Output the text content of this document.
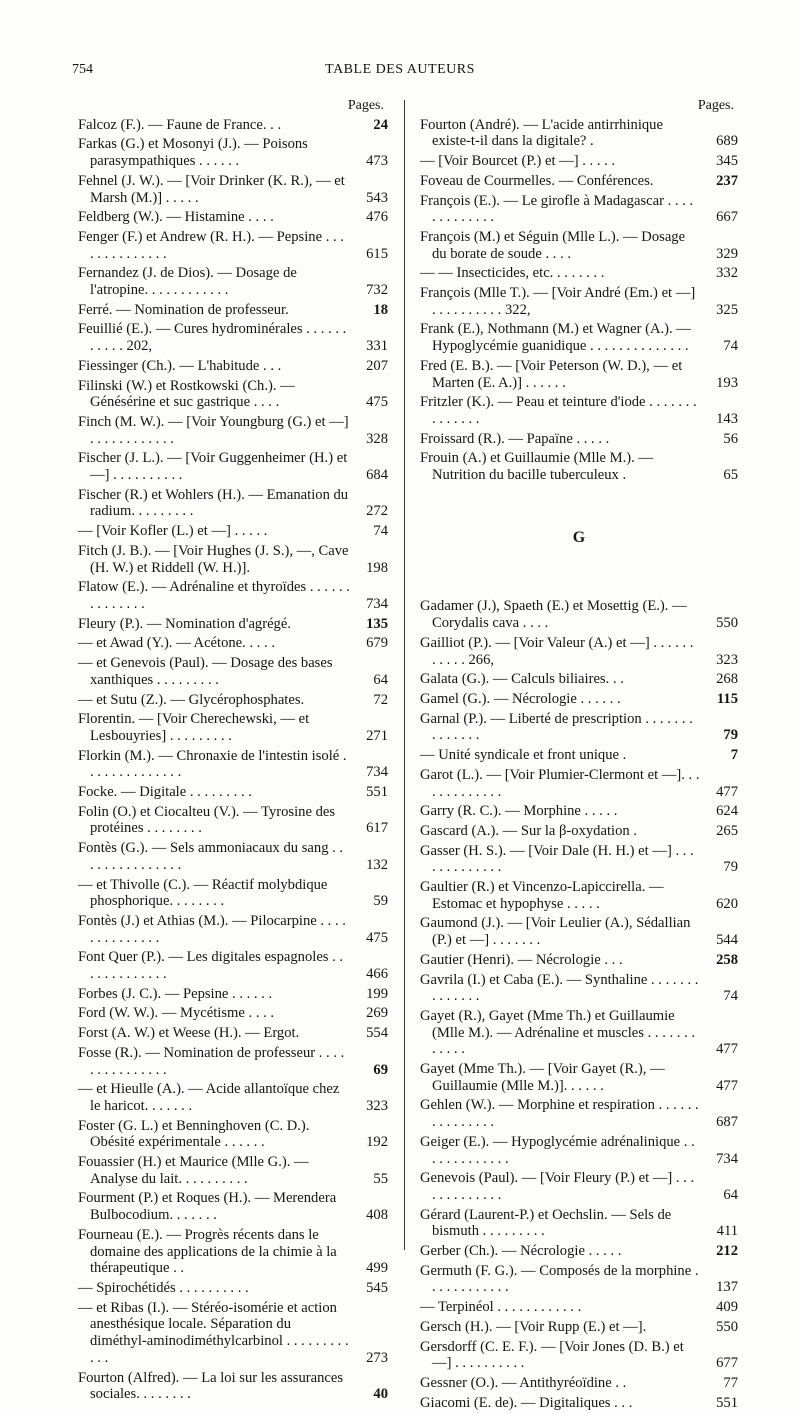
754	TABLE DES AUTEURS
Pages.
Falcoz (F.). — Faune de France. . .	24
Farkas (G.) et Mosonyi (J.). — Poisons parasympathiques . . . . . .	473
Fehnel (J. W.). — [Voir Drinker (K. R.), — et Marsh (M.)] . . . . .	543
Feldberg (W.). — Histamine . . . .	476
Fenger (F.) et Andrew (R. H.). — Pepsine . . . . . . . . . . . . . .	615
Fernandez (J. de Dios). — Dosage de l'atropine. . . . . . . . . . . .	732
Ferré. — Nomination de professeur.	18
Feuillié (E.). — Cures hydrominérales . . . . . . . . . . . 202,	331
Fiessinger (Ch.). — L'habitude . . .	207
Filinski (W.) et Rostkowski (Ch.). — Génésérine et suc gastrique . . . .	475
Finch (M. W.). — [Voir Youngburg (G.) et —] . . . . . . . . . . . .	328
Fischer (J. L.). — [Voir Guggenheimer (H.) et —] . . . . . . . . . .	684
Fischer (R.) et Wohlers (H.). — Emanation du radium. . . . . . . . .	272
— [Voir Kofler (L.) et —] . . . . .	74
Fitch (J. B.). — [Voir Hughes (J. S.), —, Cave (H. W.) et Riddell (W. H.)].	198
Flatow (E.). — Adrénaline et thyroïdes . . . . . . . . . . . . . .	734
Fleury (P.). — Nomination d'agrégé.	135
— et Awad (Y.). — Acétone. . . . .	679
— et Genevois (Paul). — Dosage des bases xanthiques . . . . . . . . .	64
— et Sutu (Z.). — Glycérophosphates.	72
Florentin. — [Voir Cherechewski, — et Lesbouyries] . . . . . . . . .	271
Florkin (M.). — Chronaxie de l'intestin isolé . . . . . . . . . . . . . .	734
Focke. — Digitale . . . . . . . . .	551
Folin (O.) et Ciocalteu (V.). — Tyrosine des protéines . . . . . . . .	617
Fontès (G.). — Sels ammoniacaux du sang . . . . . . . . . . . . . . .	132
— et Thivolle (C.). — Réactif molybdique phosphorique. . . . . . . .	59
Fontès (J.) et Athias (M.). — Pilocarpine . . . . . . . . . . . . . .	475
Font Quer (P.). — Les digitales espagnoles . . . . . . . . . . . . .	466
Forbes (J. C.). — Pepsine . . . . . .	199
Ford (W. W.). — Mycétisme . . . .	269
Forst (A. W.) et Weese (H.). — Ergot.	554
Fosse (R.). — Nomination de professeur . . . . . . . . . . . . . . .	69
— et Hieulle (A.). — Acide allantoïque chez le haricot. . . . . . .	323
Foster (G. L.) et Benninghoven (C. D.). Obésité expérimentale . . . . . .	192
Fouassier (H.) et Maurice (Mlle G.). — Analyse du lait. . . . . . . . . .	55
Fourment (P.) et Roques (H.). — Merendera Bulbocodium. . . . . . .	408
Fourneau (E.). — Progrès récents dans le domaine des applications de la chimie à la thérapeutique . .	499
— Spirochétidés . . . . . . . . . .	545
— et Ribas (I.). — Stéréo-isomérie et action anesthésique locale. Séparation du diméthyl-aminodiméthylcarbinol . . . . . . . . . . . .	273
Fourton (Alfred). — La loi sur les assurances sociales. . . . . . . .	40
Pages.
Fourton (André). — L'acide antirrhinique existe-t-il dans la digitale? .	689
— [Voir Bourcet (P.) et —] . . . . .	345
Foveau de Courmelles. — Conférences.	237
François (E.). — Le girofle à Madagascar . . . . . . . . . . . . .	667
François (M.) et Séguin (Mlle L.). — Dosage du borate de soude . . . .	329
— — Insecticides, etc. . . . . . . .	332
François (Mlle T.). — [Voir André (Em.) et —] . . . . . . . . . . 322,	325
Frank (E.), Nothmann (M.) et Wagner (A.). — Hypoglycémie guanidique . . . . . . . . . . . . . .	74
Fred (E. B.). — [Voir Peterson (W. D.), — et Marten (E. A.)] . . . . . .	193
Fritzler (K.). — Peau et teinture d'iode . . . . . . . . . . . . . .	143
Froissard (R.). — Papaïne . . . . .	56
Frouin (A.) et Guillaumie (Mlle M.). — Nutrition du bacille tuberculeux .	65
G
Gadamer (J.), Spaeth (E.) et Mosettig (E.). — Corydalis cava . . . .	550
Gailliot (P.). — [Voir Valeur (A.) et —] . . . . . . . . . . . 266,	323
Galata (G.). — Calculs biliaires. . .	268
Gamel (G.). — Nécrologie . . . . . .	115
Garnal (P.). — Liberté de prescription . . . . . . . . . . . . . .	79
— Unité syndicale et front unique .	7
Garot (L.). — [Voir Plumier-Clermont et —]. . . . . . . . . . . . .	477
Garry (R. C.). — Morphine . . . . .	624
Gascard (A.). — Sur la β-oxydation .	265
Gasser (H. S.). — [Voir Dale (H. H.) et —] . . . . . . . . . . . . .	79
Gaultier (R.) et Vincenzo-Lapiccirella. — Estomac et hypophyse . . . . .	620
Gaumond (J.). — [Voir Leulier (A.), Sédallian (P.) et —] . . . . . . .	544
Gautier (Henri). — Nécrologie . . .	258
Gavrila (I.) et Caba (E.). — Synthaline . . . . . . . . . . . . . .	74
Gayet (R.), Gayet (Mme Th.) et Guillaumie (Mlle M.). — Adrénaline et muscles . . . . . . . . . . . .	477
Gayet (Mme Th.). — [Voir Gayet (R.), — Guillaumie (Mlle M.)]. . . . . .	477
Gehlen (W.). — Morphine et respiration . . . . . . . . . . . . . . .	687
Geiger (E.). — Hypoglycémie adrénalinique . . . . . . . . . . . . .	734
Genevois (Paul). — [Voir Fleury (P.) et —] . . . . . . . . . . . . .	64
Gérard (Laurent-P.) et Oechslin. — Sels de bismuth . . . . . . . . .	411
Gerber (Ch.). — Nécrologie . . . . .	212
Germuth (F. G.). — Composés de la morphine . . . . . . . . . . . .	137
— Terpinéol . . . . . . . . . . . .	409
Gersch (H.). — [Voir Rupp (E.) et —].	550
Gersdorff (C. E. F.). — [Voir Jones (D. B.) et —] . . . . . . . . . .	677
Gessner (O.). — Antithyréoïdine . .	77
Giacomi (E. de). — Digitaliques . . .	551
